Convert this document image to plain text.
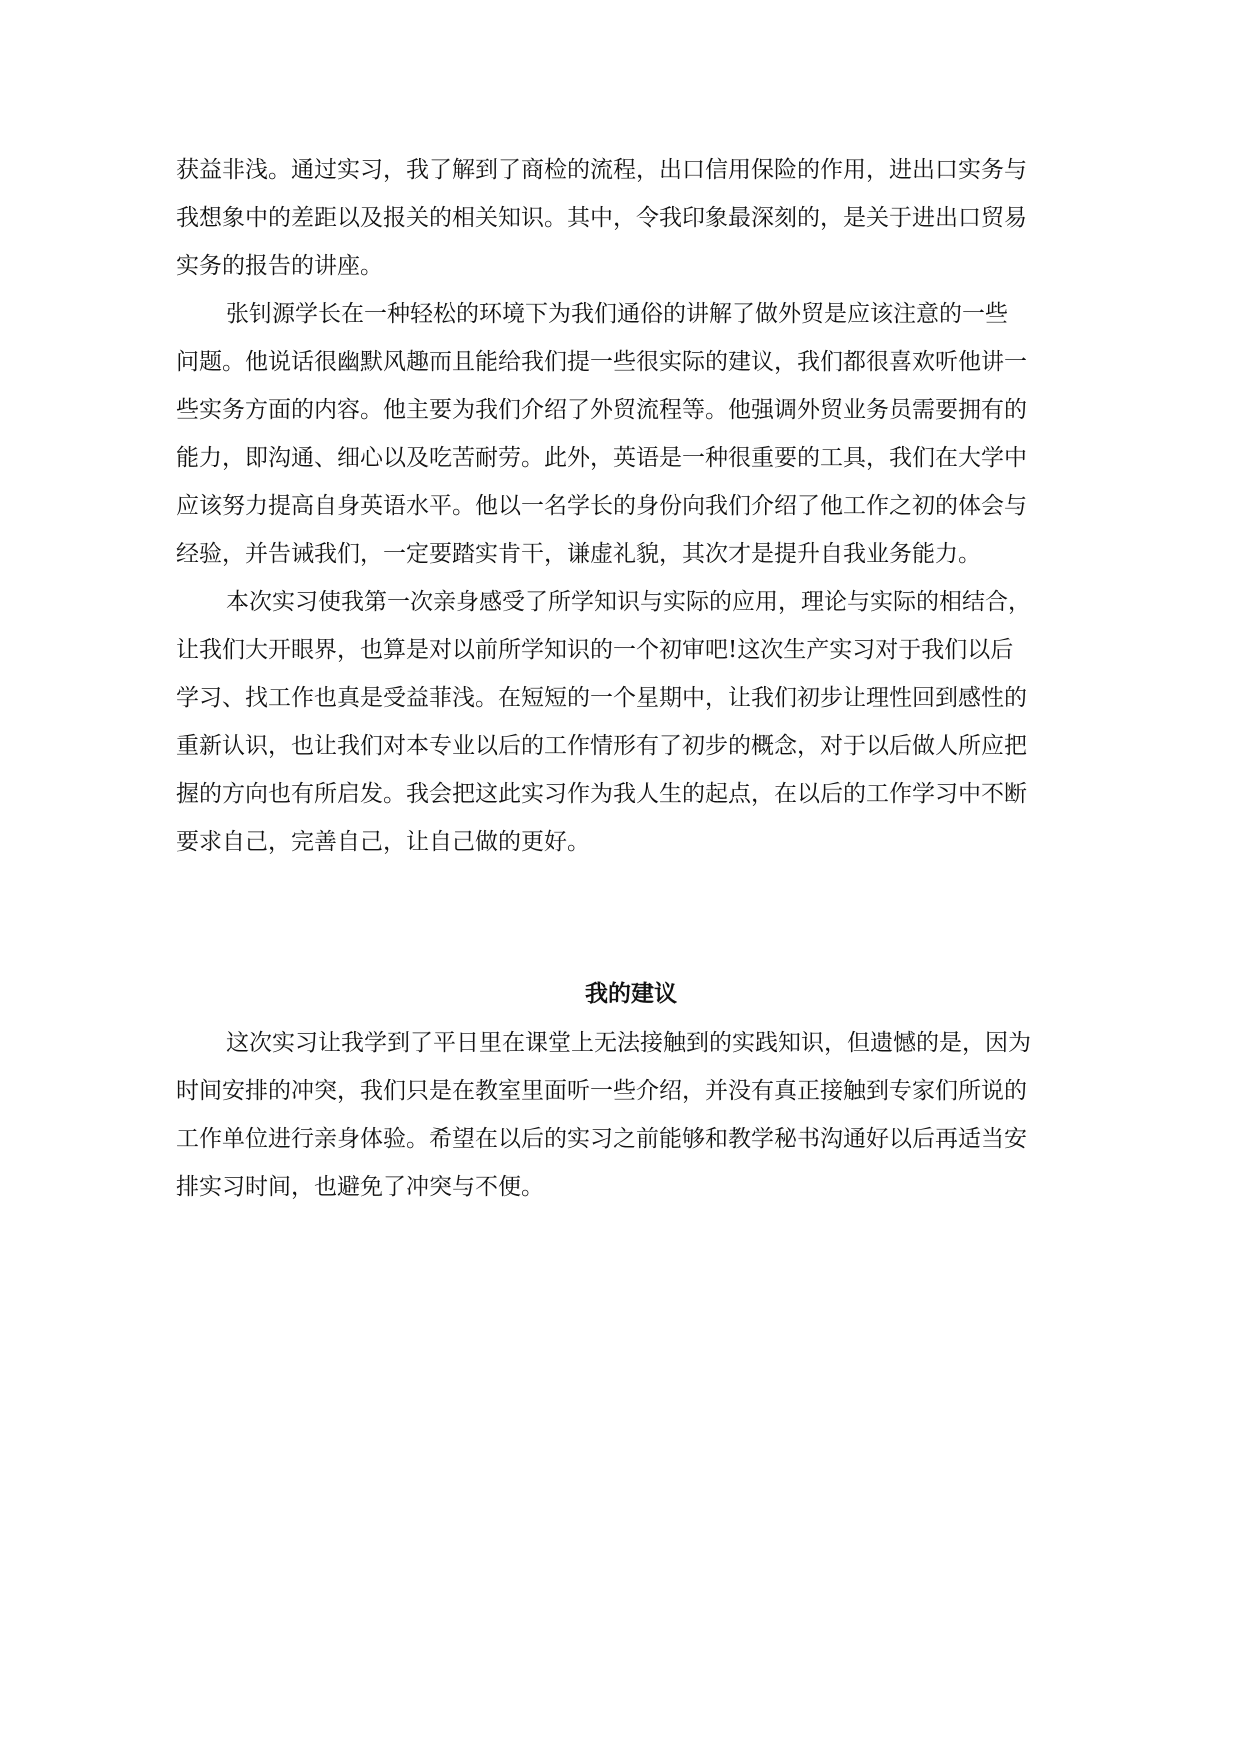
获益非浅。通过实习，我了解到了商检的流程，出口信用保险的作用，进出口实务与
我想象中的差距以及报关的相关知识。其中，令我印象最深刻的，是关于进出口贸易
实务的报告的讲座。
张钊源学长在一种轻松的环境下为我们通俗的讲解了做外贸是应该注意的一些
问题。他说话很幽默风趣而且能给我们提一些很实际的建议，我们都很喜欢听他讲一
些实务方面的内容。他主要为我们介绍了外贸流程等。他强调外贸业务员需要拥有的
能力，即沟通、细心以及吃苦耐劳。此外，英语是一种很重要的工具，我们在大学中
应该努力提高自身英语水平。他以一名学长的身份向我们介绍了他工作之初的体会与
经验，并告诫我们，一定要踏实肯干，谦虚礼貌，其次才是提升自我业务能力。
本次实习使我第一次亲身感受了所学知识与实际的应用，理论与实际的相结合，
让我们大开眼界，也算是对以前所学知识的一个初审吧!这次生产实习对于我们以后
学习、找工作也真是受益菲浅。在短短的一个星期中，让我们初步让理性回到感性的
重新认识，也让我们对本专业以后的工作情形有了初步的概念，对于以后做人所应把
握的方向也有所启发。我会把这此实习作为我人生的起点，在以后的工作学习中不断
要求自己，完善自己，让自己做的更好。
我的建议
这次实习让我学到了平日里在课堂上无法接触到的实践知识，但遗憾的是，因为
时间安排的冲突，我们只是在教室里面听一些介绍，并没有真正接触到专家们所说的
工作单位进行亲身体验。希望在以后的实习之前能够和教学秘书沟通好以后再适当安
排实习时间，也避免了冲突与不便。
